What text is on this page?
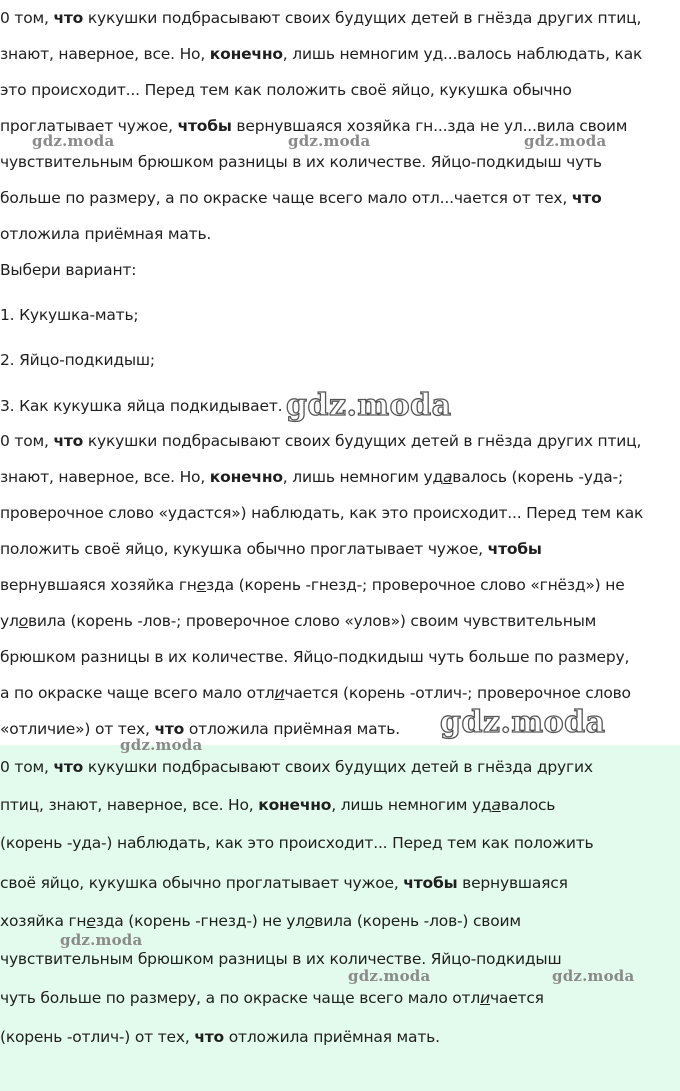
0 том, что кукушки подбрасывают своих будущих детей в гнёзда других птиц,
знают, наверное, все. Но, конечно, лишь немногим уд...валось наблюдать, как
это происходит... Перед тем как положить своё яйцо, кукушка обычно
проглатывает чужое, чтобы вернувшаяся хозяйка гн...зда не ул...вила своим
чувствительным брюшком разницы в их количестве. Яйцо-подкидыш чуть
больше по размеру, а по окраске чаще всего мало отл...чается от тех, что
отложила приёмная мать.
Выбери вариант:
1. Кукушка-мать;
2. Яйцо-подкидыш;
3. Как кукушка яйца подкидывает.
0 том, что кукушки подбрасывают своих будущих детей в гнёзда других птиц,
знают, наверное, все. Но, конечно, лишь немногим удавалось (корень -уда-;
проверочное слово «удастся») наблюдать, как это происходит... Перед тем как
положить своё яйцо, кукушка обычно проглатывает чужое, чтобы
вернувшаяся хозяйка гнезда (корень -гнезд-; проверочное слово «гнёзд») не
уловила (корень -лов-; проверочное слово «улов») своим чувствительным
брюшком разницы в их количестве. Яйцо-подкидыш чуть больше по размеру,
а по окраске чаще всего мало отличается (корень -отлич-; проверочное слово
«отличие») от тех, что отложила приёмная мать.
0 том, что кукушки подбрасывают своих будущих детей в гнёзда других
птиц, знают, наверное, все. Но, конечно, лишь немногим удавалось
(корень -уда-) наблюдать, как это происходит... Перед тем как положить
своё яйцо, кукушка обычно проглатывает чужое, чтобы вернувшаяся
хозяйка гнезда (корень -гнезд-) не уловила (корень -лов-) своим
чувствительным брюшком разницы в их количестве. Яйцо-подкидыш
чуть больше по размеру, а по окраске чаще всего мало отличается
(корень -отлич-) от тех, что отложила приёмная мать.
gdz.moda	gdz.moda	gdz.moda
gdz.moda
gdz.moda
gdz.moda
gdz.moda
gdz.moda	gdz.moda
